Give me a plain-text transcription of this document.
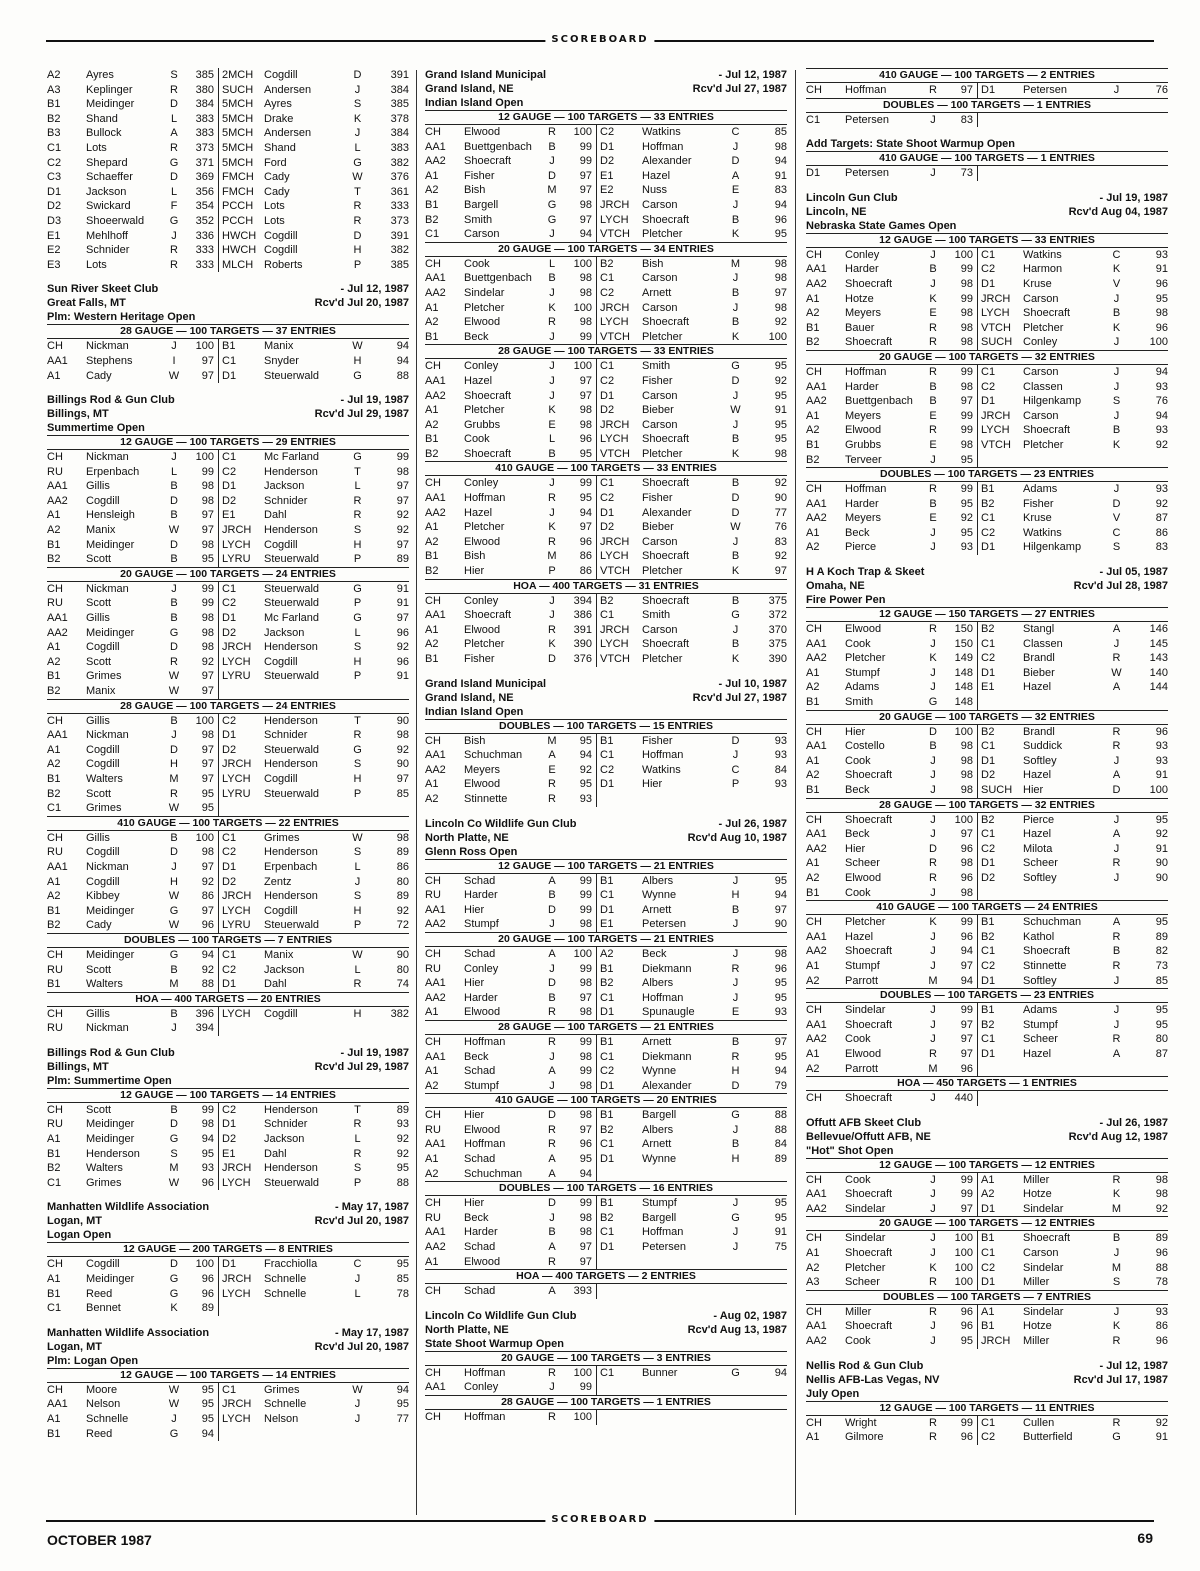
SCOREBOARD
A2	Ayres	S	385	2MCH	Cogdill	D	391
A3	Keplinger	R	380	SUCH	Andersen	J	384
B1	Meidinger	D	384	5MCH	Ayres	S	385
B2	Shand	L	383	5MCH	Drake	K	378
B3	Bullock	A	383	5MCH	Andersen	J	384
C1	Lots	R	373	5MCH	Shand	L	383
C2	Shepard	G	371	5MCH	Ford	G	382
C3	Schaeffer	D	369	FMCH	Cady	W	376
D1	Jackson	L	356	FMCH	Cady	T	361
D2	Swickard	F	354	PCCH	Lots	R	333
D3	Shoeerwald	G	352	PCCH	Lots	R	373
E1	Mehlhoff	J	336	HWCH	Cogdill	D	391
E2	Schnider	R	333	HWCH	Cogdill	H	382
E3	Lots	R	333	MLCH	Roberts	P	385
Sun River Skeet Club	- Jul 12, 1987
Great Falls, MT	Rcv'd Jul 20, 1987
Plm: Western Heritage Open
28 GAUGE — 100 TARGETS — 37 ENTRIES
CH	Nickman	J	100	B1	Manix	W	94
AA1	Stephens	I	97	C1	Snyder	H	94
A1	Cady	W	97	D1	Steuerwald	G	88
Billings Rod & Gun Club	- Jul 19, 1987
Billings, MT	Rcv'd Jul 29, 1987
Summertime Open
12 GAUGE — 100 TARGETS — 29 ENTRIES
CH	Nickman	J	100	C1	Mc Farland	G	99
RU	Erpenbach	L	99	C2	Henderson	T	98
AA1	Gillis	B	98	D1	Jackson	L	97
AA2	Cogdill	D	98	D2	Schnider	R	97
A1	Hensleigh	B	97	E1	Dahl	R	92
A2	Manix	W	97	JRCH	Henderson	S	92
B1	Meidinger	D	98	LYCH	Cogdill	H	97
B2	Scott	B	95	LYRU	Steuerwald	P	89
20 GAUGE — 100 TARGETS — 24 ENTRIES
CH	Nickman	J	99	C1	Steuerwald	G	91
RU	Scott	B	99	C2	Steuerwald	P	91
AA1	Gillis	B	98	D1	Mc Farland	G	97
AA2	Meidinger	G	98	D2	Jackson	L	96
A1	Cogdill	D	98	JRCH	Henderson	S	92
A2	Scott	R	92	LYCH	Cogdill	H	96
B1	Grimes	W	97	LYRU	Steuerwald	P	91
B2	Manix	W	97				
28 GAUGE — 100 TARGETS — 24 ENTRIES
CH	Gillis	B	100	C2	Henderson	T	90
AA1	Nickman	J	98	D1	Schnider	R	98
A1	Cogdill	D	97	D2	Steuerwald	G	92
A2	Cogdill	H	97	JRCH	Henderson	S	90
B1	Walters	M	97	LYCH	Cogdill	H	97
B2	Scott	R	95	LYRU	Steuerwald	P	85
C1	Grimes	W	95				
410 GAUGE — 100 TARGETS — 22 ENTRIES
CH	Gillis	B	100	C1	Grimes	W	98
RU	Cogdill	D	98	C2	Henderson	S	89
AA1	Nickman	J	97	D1	Erpenbach	L	86
A1	Cogdill	H	92	D2	Zentz	J	80
A2	Kibbey	W	86	JRCH	Henderson	S	89
B1	Meidinger	G	97	LYCH	Cogdill	H	92
B2	Cady	W	96	LYRU	Steuerwald	P	72
DOUBLES — 100 TARGETS — 7 ENTRIES
CH	Meidinger	G	94	C1	Manix	W	90
RU	Scott	B	92	C2	Jackson	L	80
B1	Walters	M	88	D1	Dahl	R	74
HOA — 400 TARGETS — 20 ENTRIES
CH	Gillis	B	396	LYCH	Cogdill	H	382
RU	Nickman	J	394				
Billings Rod & Gun Club	- Jul 19, 1987
Billings, MT	Rcv'd Jul 29, 1987
Plm: Summertime Open
12 GAUGE — 100 TARGETS — 14 ENTRIES
CH	Scott	B	99	C2	Henderson	T	89
RU	Meidinger	D	98	D1	Schnider	R	93
A1	Meidinger	G	94	D2	Jackson	L	92
B1	Henderson	S	95	E1	Dahl	R	92
B2	Walters	M	93	JRCH	Henderson	S	95
C1	Grimes	W	96	LYCH	Steuerwald	P	88
Manhatten Wildlife Association	- May 17, 1987
Logan, MT	Rcv'd Jul 20, 1987
Logan Open
12 GAUGE — 200 TARGETS — 8 ENTRIES
CH	Cogdill	D	100	D1	Fracchiolla	C	95
A1	Meidinger	G	96	JRCH	Schnelle	J	85
B1	Reed	G	96	LYCH	Schnelle	L	78
C1	Bennet	K	89				
Manhatten Wildlife Association	- May 17, 1987
Logan, MT	Rcv'd Jul 20, 1987
Plm: Logan Open
12 GAUGE — 100 TARGETS — 14 ENTRIES
CH	Moore	W	95	C1	Grimes	W	94
AA1	Nelson	W	95	JRCH	Schnelle	J	95
A1	Schnelle	J	95	LYCH	Nelson	J	77
B1	Reed	G	94				
Grand Island Municipal	- Jul 12, 1987
Grand Island, NE	Rcv'd Jul 27, 1987
Indian Island Open
12 GAUGE — 100 TARGETS — 33 ENTRIES
CH	Elwood	R	100	C2	Watkins	C	85
AA1	Buettgenbach	B	99	D1	Hoffman	J	98
AA2	Shoecraft	J	99	D2	Alexander	D	94
A1	Fisher	D	97	E1	Hazel	A	91
A2	Bish	M	97	E2	Nuss	E	83
B1	Bargell	G	98	JRCH	Carson	J	94
B2	Smith	G	97	LYCH	Shoecraft	B	96
C1	Carson	J	94	VTCH	Pletcher	K	95
20 GAUGE — 100 TARGETS — 34 ENTRIES
CH	Cook	L	100	B2	Bish	M	98
AA1	Buettgenbach	B	98	C1	Carson	J	98
AA2	Sindelar	J	98	C2	Arnett	B	97
A1	Pletcher	K	100	JRCH	Carson	J	98
A2	Elwood	R	98	LYCH	Shoecraft	B	92
B1	Beck	J	99	VTCH	Pletcher	K	100
28 GAUGE — 100 TARGETS — 33 ENTRIES
CH	Conley	J	100	C1	Smith	G	95
AA1	Hazel	J	97	C2	Fisher	D	92
AA2	Shoecraft	J	97	D1	Carson	J	95
A1	Pletcher	K	98	D2	Bieber	W	91
A2	Grubbs	E	98	JRCH	Carson	J	95
B1	Cook	L	96	LYCH	Shoecraft	B	95
B2	Shoecraft	B	95	VTCH	Pletcher	K	98
410 GAUGE — 100 TARGETS — 33 ENTRIES
CH	Conley	J	99	C1	Shoecraft	B	92
AA1	Hoffman	R	95	C2	Fisher	D	90
AA2	Hazel	J	94	D1	Alexander	D	77
A1	Pletcher	K	97	D2	Bieber	W	76
A2	Elwood	R	96	JRCH	Carson	J	83
B1	Bish	M	86	LYCH	Shoecraft	B	92
B2	Hier	P	86	VTCH	Pletcher	K	97
HOA — 400 TARGETS — 31 ENTRIES
CH	Conley	J	394	B2	Shoecraft	B	375
AA1	Shoecraft	J	386	C1	Smith	G	372
A1	Elwood	R	391	JRCH	Carson	J	370
A2	Pletcher	K	390	LYCH	Shoecraft	B	375
B1	Fisher	D	376	VTCH	Pletcher	K	390
Grand Island Municipal	- Jul 10, 1987
Grand Island, NE	Rcv'd Jul 27, 1987
Indian Island Open
DOUBLES — 100 TARGETS — 15 ENTRIES
CH	Bish	M	95	B1	Fisher	D	93
AA1	Schuchman	A	94	C1	Hoffman	J	93
AA2	Meyers	E	92	C2	Watkins	C	84
A1	Elwood	R	95	D1	Hier	P	93
A2	Stinnette	R	93				
Lincoln Co Wildlife Gun Club	- Jul 26, 1987
North Platte, NE	Rcv'd Aug 10, 1987
Glenn Ross Open
12 GAUGE — 100 TARGETS — 21 ENTRIES
CH	Schad	A	99	B1	Albers	J	95
RU	Harder	B	99	C1	Wynne	H	94
AA1	Hier	D	99	D1	Arnett	B	97
AA2	Stumpf	J	98	E1	Petersen	J	90
20 GAUGE — 100 TARGETS — 21 ENTRIES
CH	Schad	A	100	A2	Beck	J	98
RU	Conley	J	99	B1	Diekmann	R	96
AA1	Hier	D	98	B2	Albers	J	95
AA2	Harder	B	97	C1	Hoffman	J	95
A1	Elwood	R	98	D1	Spunaugle	E	93
28 GAUGE — 100 TARGETS — 21 ENTRIES
CH	Hoffman	R	99	B1	Arnett	B	97
AA1	Beck	J	98	C1	Diekmann	R	95
A1	Schad	A	99	C2	Wynne	H	94
A2	Stumpf	J	98	D1	Alexander	D	79
410 GAUGE — 100 TARGETS — 20 ENTRIES
CH	Hier	D	98	B1	Bargell	G	88
RU	Elwood	R	97	B2	Albers	J	88
AA1	Hoffman	R	96	C1	Arnett	B	84
A1	Schad	A	95	D1	Wynne	H	89
A2	Schuchman	A	94				
DOUBLES — 100 TARGETS — 16 ENTRIES
CH	Hier	D	99	B1	Stumpf	J	95
RU	Beck	J	98	B2	Bargell	G	95
AA1	Harder	B	98	C1	Hoffman	J	91
AA2	Schad	A	97	D1	Petersen	J	75
A1	Elwood	R	97				
HOA — 400 TARGETS — 2 ENTRIES
CH	Schad	A	393				
Lincoln Co Wildlife Gun Club	- Aug 02, 1987
North Platte, NE	Rcv'd Aug 13, 1987
State Shoot Warmup Open
20 GAUGE — 100 TARGETS — 3 ENTRIES
CH	Hoffman	R	100	C1	Bunner	G	94
AA1	Conley	J	99				
28 GAUGE — 100 TARGETS — 1 ENTRIES
CH	Hoffman	R	100				
410 GAUGE — 100 TARGETS — 2 ENTRIES
CH	Hoffman	R	97	D1	Petersen	J	76
DOUBLES — 100 TARGETS — 1 ENTRIES
C1	Petersen	J	83				
Add Targets: State Shoot Warmup Open
410 GAUGE — 100 TARGETS — 1 ENTRIES
D1	Petersen	J	73				
Lincoln Gun Club	- Jul 19, 1987
Lincoln, NE	Rcv'd Aug 04, 1987
Nebraska State Games Open
12 GAUGE — 100 TARGETS — 33 ENTRIES
CH	Conley	J	100	C1	Watkins	C	93
AA1	Harder	B	99	C2	Harmon	K	91
AA2	Shoecraft	J	98	D1	Kruse	V	96
A1	Hotze	K	99	JRCH	Carson	J	95
A2	Meyers	E	98	LYCH	Shoecraft	B	98
B1	Bauer	R	98	VTCH	Pletcher	K	96
B2	Shoecraft	R	98	SUCH	Conley	J	100
20 GAUGE — 100 TARGETS — 32 ENTRIES
CH	Hoffman	R	99	C1	Carson	J	94
AA1	Harder	B	98	C2	Classen	J	93
AA2	Buettgenbach	B	97	D1	Hilgenkamp	S	76
A1	Meyers	E	99	JRCH	Carson	J	94
A2	Elwood	R	99	LYCH	Shoecraft	B	93
B1	Grubbs	E	98	VTCH	Pletcher	K	92
B2	Terveer	J	95				
DOUBLES — 100 TARGETS — 23 ENTRIES
CH	Hoffman	R	99	B1	Adams	J	93
AA1	Harder	B	95	B2	Fisher	D	92
AA2	Meyers	E	92	C1	Kruse	V	87
A1	Beck	J	95	C2	Watkins	C	86
A2	Pierce	J	93	D1	Hilgenkamp	S	83
H A Koch Trap & Skeet	- Jul 05, 1987
Omaha, NE	Rcv'd Jul 28, 1987
Fire Power Pen
12 GAUGE — 150 TARGETS — 27 ENTRIES
CH	Elwood	R	150	B2	Stangl	A	146
AA1	Cook	J	150	C1	Classen	J	145
AA2	Pletcher	K	149	C2	Brandl	R	143
A1	Stumpf	J	148	D1	Bieber	W	140
A2	Adams	J	148	E1	Hazel	A	144
B1	Smith	G	148				
20 GAUGE — 100 TARGETS — 32 ENTRIES
CH	Hier	D	100	B2	Brandl	R	96
AA1	Costello	B	98	C1	Suddick	R	93
A1	Cook	J	98	D1	Softley	J	93
A2	Shoecraft	J	98	D2	Hazel	A	91
B1	Beck	J	98	SUCH	Hier	D	100
28 GAUGE — 100 TARGETS — 32 ENTRIES
CH	Shoecraft	J	100	B2	Pierce	J	95
AA1	Beck	J	97	C1	Hazel	A	92
AA2	Hier	D	96	C2	Milota	J	91
A1	Scheer	R	98	D1	Scheer	R	90
A2	Elwood	R	96	D2	Softley	J	90
B1	Cook	J	98				
410 GAUGE — 100 TARGETS — 24 ENTRIES
CH	Pletcher	K	99	B1	Schuchman	A	95
AA1	Hazel	J	96	B2	Kathol	R	89
AA2	Shoecraft	J	94	C1	Shoecraft	B	82
A1	Stumpf	J	97	C2	Stinnette	R	73
A2	Parrott	M	94	D1	Softley	J	85
DOUBLES — 100 TARGETS — 23 ENTRIES
CH	Sindelar	J	99	B1	Adams	J	95
AA1	Shoecraft	J	97	B2	Stumpf	J	95
AA2	Cook	J	97	C1	Scheer	R	80
A1	Elwood	R	97	D1	Hazel	A	87
A2	Parrott	M	96				
HOA — 450 TARGETS — 1 ENTRIES
CH	Shoecraft	J	440				
Offutt AFB Skeet Club	- Jul 26, 1987
Bellevue/Offutt AFB, NE	Rcv'd Aug 12, 1987
"Hot" Shot Open
12 GAUGE — 100 TARGETS — 12 ENTRIES
CH	Cook	J	99	A1	Miller	R	98
AA1	Shoecraft	J	99	A2	Hotze	K	98
AA2	Sindelar	J	97	D1	Sindelar	M	92
20 GAUGE — 100 TARGETS — 12 ENTRIES
CH	Sindelar	J	100	B1	Shoecraft	B	89
A1	Shoecraft	J	100	C1	Carson	J	96
A2	Pletcher	K	100	C2	Sindelar	M	88
A3	Scheer	R	100	D1	Miller	S	78
DOUBLES — 100 TARGETS — 7 ENTRIES
CH	Miller	R	96	A1	Sindelar	J	93
AA1	Shoecraft	J	96	B1	Hotze	K	86
AA2	Cook	J	95	JRCH	Miller	R	96
Nellis Rod & Gun Club	- Jul 12, 1987
Nellis AFB-Las Vegas, NV	Rcv'd Jul 17, 1987
July Open
12 GAUGE — 100 TARGETS — 11 ENTRIES
CH	Wright	R	99	C1	Cullen	R	92
A1	Gilmore	R	96	C2	Butterfield	G	91
SCOREBOARD
OCTOBER 1987	69
